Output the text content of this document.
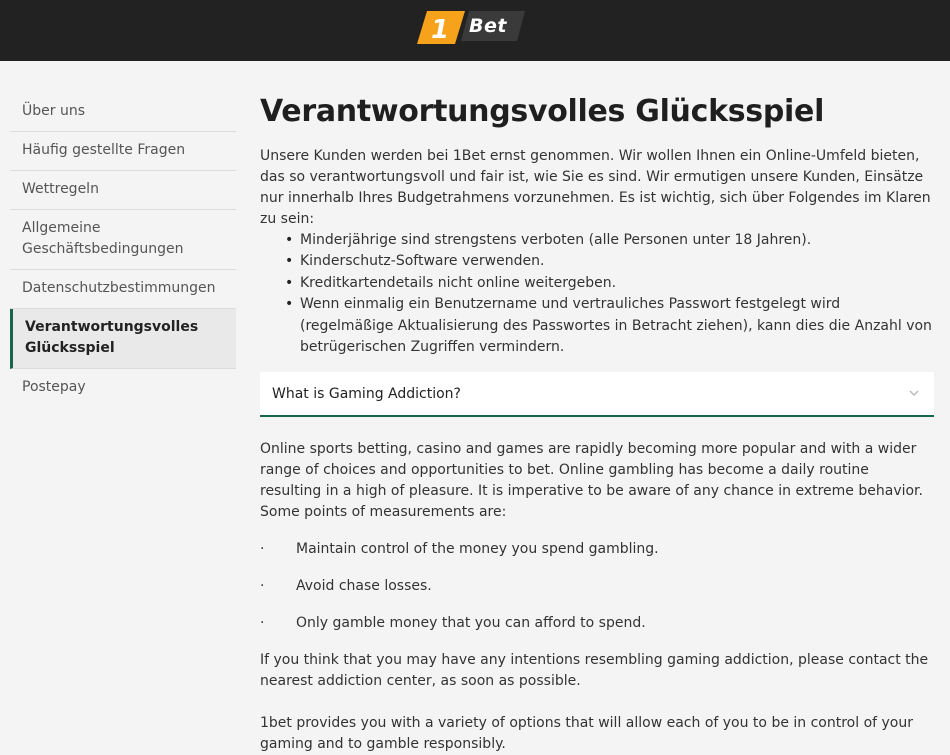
1 Bet
Über uns
Häufig gestellte Fragen
Wettregeln
Allgemeine Geschäftsbedingungen
Datenschutzbestimmungen
Verantwortungsvolles Glücksspiel
Postepay
Verantwortungsvolles Glücksspiel

Unsere Kunden werden bei 1Bet ernst genommen. Wir wollen Ihnen ein Online-Umfeld bieten, das so verantwortungsvoll und fair ist, wie Sie es sind. Wir ermutigen unsere Kunden, Einsätze nur innerhalb Ihres Budgetrahmens vorzunehmen. Es ist wichtig, sich über Folgendes im Klaren zu sein:

• Minderjährige sind strengstens verboten (alle Personen unter 18 Jahren).
• Kinderschutz-Software verwenden.
• Kreditkartendetails nicht online weitergeben.
• Wenn einmalig ein Benutzername und vertrauliches Passwort festgelegt wird (regelmäßige Aktualisierung des Passwortes in Betracht ziehen), kann dies die Anzahl von betrügerischen Zugriffen vermindern.
What is Gaming Addiction?

Online sports betting, casino and games are rapidly becoming more popular and with a wider range of choices and opportunities to bet. Online gambling has become a daily routine resulting in a high of pleasure. It is imperative to be aware of any chance in extreme behavior. Some points of measurements are:

· Maintain control of the money you spend gambling.
· Avoid chase losses.
· Only gamble money that you can afford to spend.

If you think that you may have any intentions resembling gaming addiction, please contact the nearest addiction center, as soon as possible.

1bet provides you with a variety of options that will allow each of you to be in control of your gaming and to gamble responsibly.
